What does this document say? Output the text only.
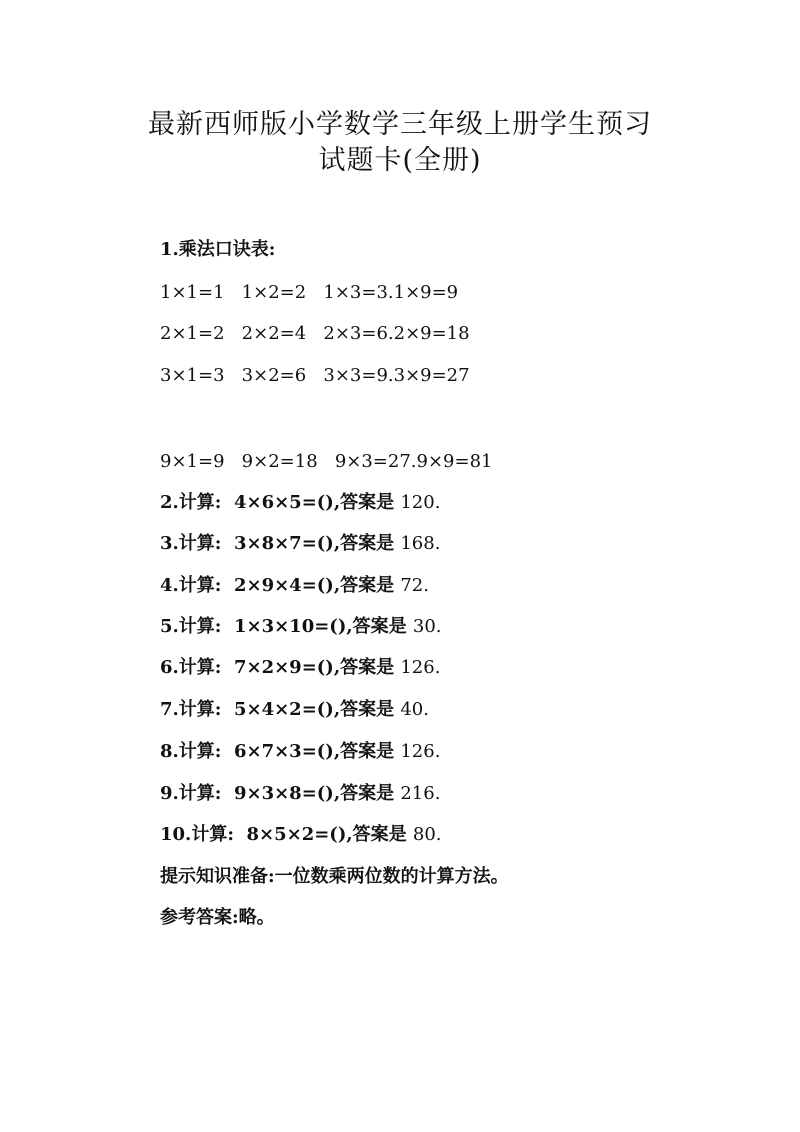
最新西师版小学数学三年级上册学生预习
试题卡(全册)
1.乘法口诀表:
1×1=1   1×2=2   1×3=3.1×9=9
2×1=2   2×2=4   2×3=6.2×9=18
3×1=3   3×2=6   3×3=9.3×9=27
9×1=9   9×2=18   9×3=27.9×9=81
2.计算:  4×6×5=(),答案是 120.
3.计算:  3×8×7=(),答案是 168.
4.计算:  2×9×4=(),答案是 72.
5.计算:  1×3×10=(),答案是 30.
6.计算:  7×2×9=(),答案是 126.
7.计算:  5×4×2=(),答案是 40.
8.计算:  6×7×3=(),答案是 126.
9.计算:  9×3×8=(),答案是 216.
10.计算:  8×5×2=(),答案是 80.
提示知识准备:一位数乘两位数的计算方法。
参考答案:略。
